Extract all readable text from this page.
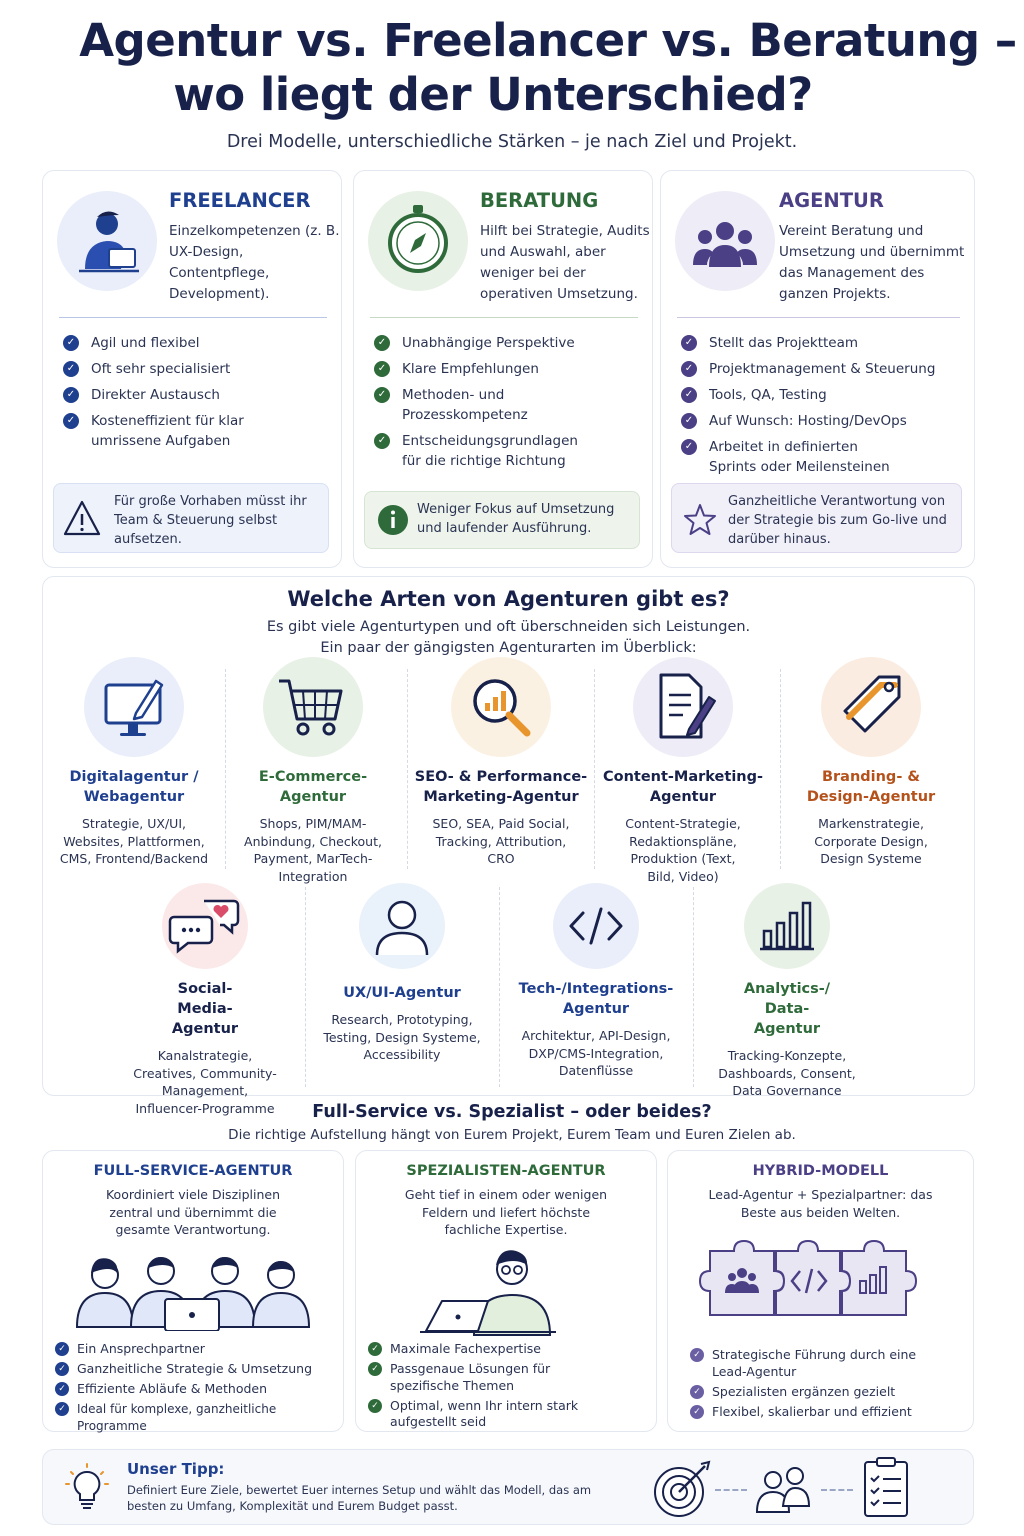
Agentur vs. Freelancer vs. Beratung –
wo liegt der Unterschied?
Drei Modelle, unterschiedliche Stärken – je nach Ziel und Projekt.
FREELANCER
Einzelkompetenzen (z. B. UX-Design, Contentpflege, Development).
✓ Agil und flexibel
✓ Oft sehr specialisiert
✓ Direkter Austausch
✓ Kosteneffizient für klar umrissene Aufgaben
Für große Vorhaben müsst ihr Team & Steuerung selbst aufsetzen.
BERATUNG
Hilft bei Strategie, Audits und Auswahl, aber weniger bei der operativen Umsetzung.
✓ Unabhängige Perspektive
✓ Klare Empfehlungen
✓ Methoden- und Prozesskompetenz
✓ Entscheidungsgrundlagen für die richtige Richtung
Weniger Fokus auf Umsetzung und laufender Ausführung.
AGENTUR
Vereint Beratung und Umsetzung und übernimmt das Management des ganzen Projekts.
✓ Stellt das Projektteam
✓ Projektmanagement & Steuerung
✓ Tools, QA, Testing
✓ Auf Wunsch: Hosting/DevOps
✓ Arbeitet in definierten Sprints oder Meilensteinen
Ganzheitliche Verantwortung von der Strategie bis zum Go-live und darüber hinaus.
Welche Arten von Agenturen gibt es?
Es gibt viele Agenturtypen und oft überschneiden sich Leistungen.
Ein paar der gängigsten Agenturarten im Überblick:
Digitalagentur / Webagentur
Strategie, UX/UI, Websites, Plattformen, CMS, Frontend/Backend
E-Commerce-Agentur
Shops, PIM/MAM-Anbindung, Checkout, Payment, MarTech-Integration
SEO- & Performance-Marketing-Agentur
SEO, SEA, Paid Social, Tracking, Attribution, CRO
Content-Marketing-Agentur
Content-Strategie, Redaktionspläne, Produktion (Text, Bild, Video)
Branding- & Design-Agentur
Markenstrategie, Corporate Design, Design Systeme
Social-Media-Agentur
Kanalstrategie, Creatives, Community-Management, Influencer-Programme
UX/UI-Agentur
Research, Prototyping, Testing, Design Systeme, Accessibility
Tech-/Integrations-Agentur
Architektur, API-Design, DXP/CMS-Integration, Datenflüsse
Analytics-/ Data-Agentur
Tracking-Konzepte, Dashboards, Consent, Data Governance
Full-Service vs. Spezialist – oder beides?
Die richtige Aufstellung hängt von Eurem Projekt, Eurem Team und Euren Zielen ab.
FULL-SERVICE-AGENTUR
Koordiniert viele Disziplinen zentral und übernimmt die gesamte Verantwortung.
✓ Ein Ansprechpartner
✓ Ganzheitliche Strategie & Umsetzung
✓ Effiziente Abläufe & Methoden
✓ Ideal für komplexe, ganzheitliche Programme
SPEZIALISTEN-AGENTUR
Geht tief in einem oder wenigen Feldern und liefert höchste fachliche Expertise.
✓ Maximale Fachexpertise
✓ Passgenaue Lösungen für spezifische Themen
✓ Optimal, wenn Ihr intern stark aufgestellt seid
HYBRID-MODELL
Lead-Agentur + Spezialpartner: das Beste aus beiden Welten.
✓ Strategische Führung durch eine Lead-Agentur
✓ Spezialisten ergänzen gezielt
✓ Flexibel, skalierbar und effizient
Unser Tipp:
Definiert Eure Ziele, bewertet Euer internes Setup und wählt das Modell, das am besten zu Umfang, Komplexität und Eurem Budget passt.
